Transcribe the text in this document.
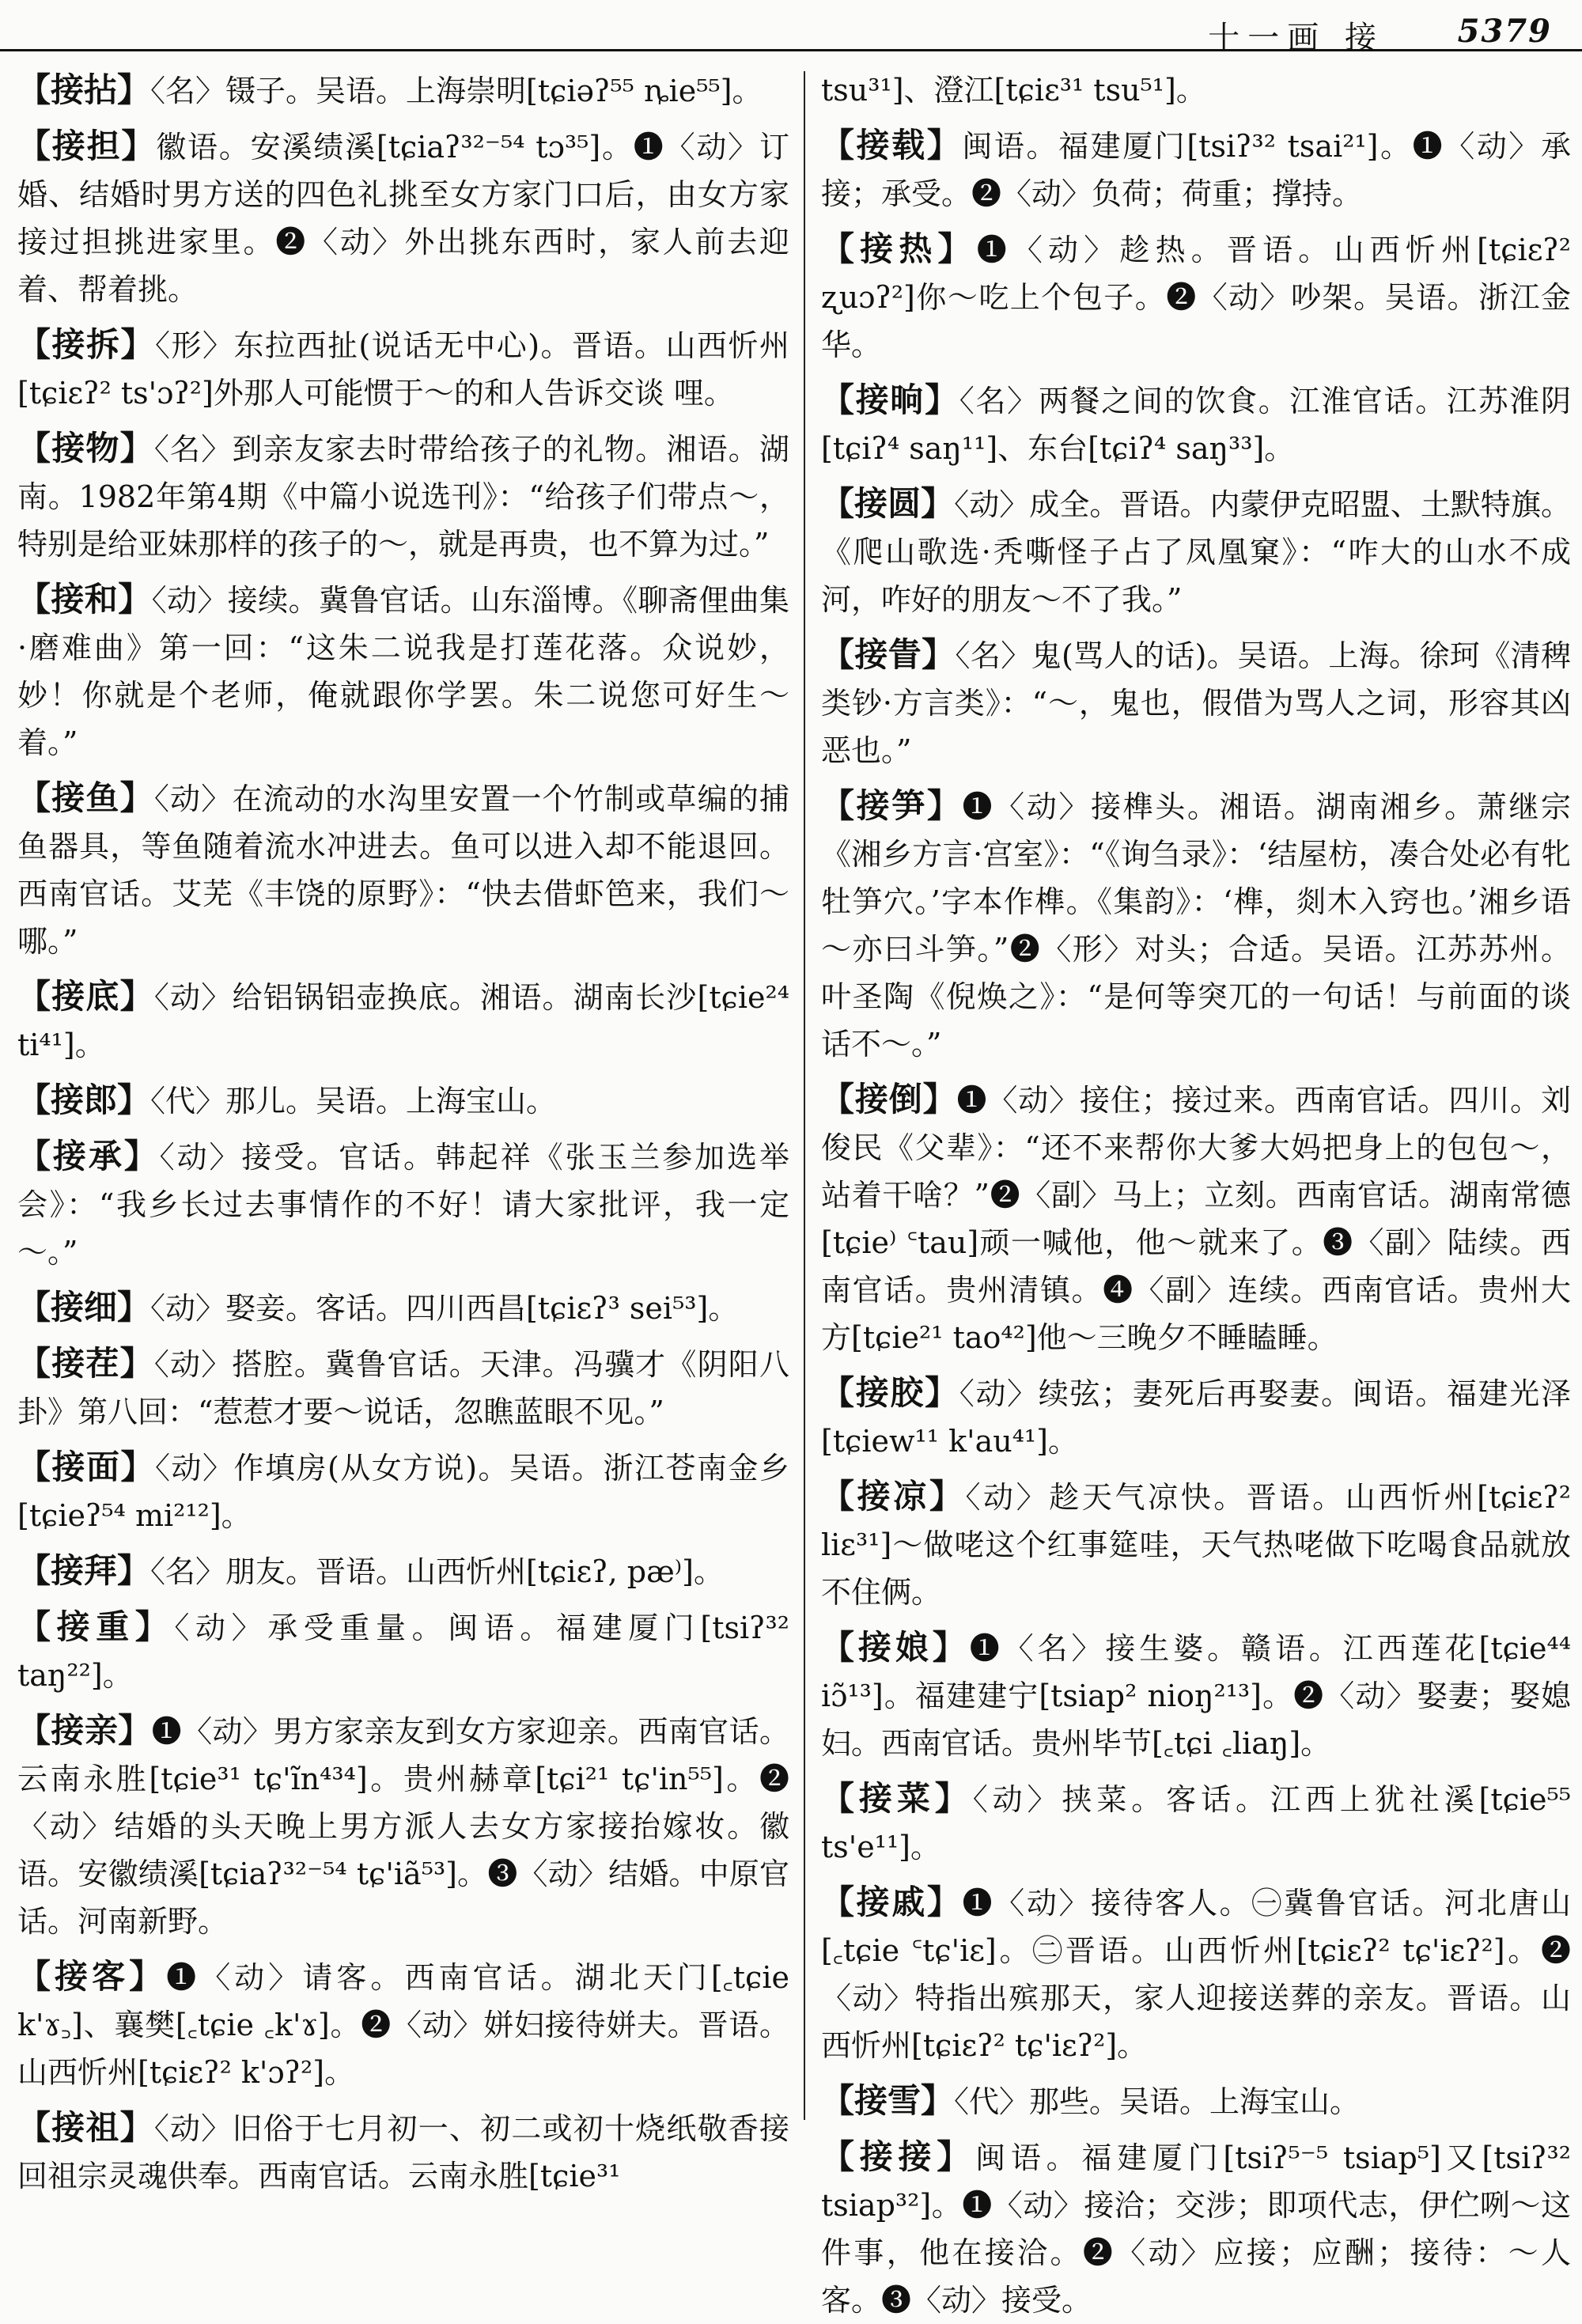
十一画 接 5379

【接拈】〈名〉镊子。吴语。上海崇明[tɕiəʔ⁵⁵ ȵie⁵⁵]。

【接担】徽语。安溪绩溪[tɕiaʔ³²⁻⁵⁴ tɔ³⁵]。❶〈动〉订婚、结婚时男方送的四色礼挑至女方家门口后，由女方家接过担挑进家里。❷〈动〉外出挑东西时，家人前去迎着、帮着挑。

【接拆】〈形〉东拉西扯(说话无中心)。晋语。山西忻州[tɕiɛʔ² ts'ɔʔ²]外那人可能惯于～的和人告诉交谈 哩。

【接物】〈名〉到亲友家去时带给孩子的礼物。湘语。湖南。1982年第4期《中篇小说选刊》：“给孩子们带点～，特别是给亚妹那样的孩子的～，就是再贵，也不算为过。”

【接和】〈动〉接续。冀鲁官话。山东淄博。《聊斋俚曲集·磨难曲》第一回：“这朱二说我是打莲花落。众说妙，妙！你就是个老师，俺就跟你学罢。朱二说您可好生～着。”

【接鱼】〈动〉在流动的水沟里安置一个竹制或草编的捕鱼器具，等鱼随着流水冲进去。鱼可以进入却不能退回。西南官话。艾芜《丰饶的原野》：“快去借虾笆来，我们～哪。”

【接底】〈动〉给铝锅铝壶换底。湘语。湖南长沙[tɕie²⁴ ti⁴¹]。

【接郎】〈代〉那儿。吴语。上海宝山。

【接承】〈动〉接受。官话。韩起祥《张玉兰参加选举会》：“我乡长过去事情作的不好！请大家批评，我一定～。”

【接细】〈动〉娶妾。客话。四川西昌[tɕiɛʔ³ sei⁵³]。

【接茬】〈动〉搭腔。冀鲁官话。天津。冯骥才《阴阳八卦》第八回：“惹惹才要～说话，忽瞧蓝眼不见。”

【接面】〈动〉作填房(从女方说)。吴语。浙江苍南金乡[tɕieʔ⁵⁴ mi²¹²]。

【接拜】〈名〉朋友。晋语。山西忻州[tɕiɛʔ, pæ⁾]。

【接重】〈动〉承受重量。闽语。福建厦门[tsiʔ³² taŋ²²]。

【接亲】❶〈动〉男方家亲友到女方家迎亲。西南官话。云南永胜[tɕie³¹ tɕ'ĩn⁴³⁴]。贵州赫章[tɕi²¹ tɕ'in⁵⁵]。❷〈动〉结婚的头天晚上男方派人去女方家接抬嫁妆。徽语。安徽绩溪[tɕiaʔ³²⁻⁵⁴ tɕ'iã⁵³]。❸〈动〉结婚。中原官话。河南新野。

【接客】❶〈动〉请客。西南官话。湖北天门[꜀tɕie k'ɤ꜆]、襄樊[꜀tɕie ꜀k'ɤ]。❷〈动〉姘妇接待姘夫。晋语。山西忻州[tɕiɛʔ² k'ɔʔ²]。

【接祖】〈动〉旧俗于七月初一、初二或初十烧纸敬香接回祖宗灵魂供奉。西南官话。云南永胜[tɕie³¹

tsu³¹]、澄江[tɕiɛ³¹ tsu⁵¹]。

【接载】闽语。福建厦门[tsiʔ³² tsai²¹]。❶〈动〉承接；承受。❷〈动〉负荷；荷重；撑持。

【接热】❶〈动〉趁热。晋语。山西忻州[tɕiɛʔ² ʐuɔʔ²]你～吃上个包子。❷〈动〉吵架。吴语。浙江金华。

【接晌】〈名〉两餐之间的饮食。江淮官话。江苏淮阴[tɕiʔ⁴ saŋ¹¹]、东台[tɕiʔ⁴ saŋ³³]。

【接圆】〈动〉成全。晋语。内蒙伊克昭盟、土默特旗。《爬山歌选·秃嘶怪子占了凤凰窠》：“咋大的山水不成河，咋好的朋友～不了我。”

【接眚】〈名〉鬼(骂人的话)。吴语。上海。徐珂《清稗类钞·方言类》：“～，鬼也，假借为骂人之词，形容其凶恶也。”

【接笋】❶〈动〉接榫头。湘语。湖南湘乡。萧继宗《湘乡方言·宫室》：“《询刍录》：‘结屋枋，凑合处必有牝牡笋穴。’字本作榫。《集韵》：‘榫，剡木入窍也。’湘乡语～亦曰斗笋。”❷〈形〉对头；合适。吴语。江苏苏州。叶圣陶《倪焕之》：“是何等突兀的一句话！与前面的谈话不～。”

【接倒】❶〈动〉接住；接过来。西南官话。四川。刘俊民《父辈》：“还不来帮你大爹大妈把身上的包包～，站着干啥？”❷〈副〉马上；立刻。西南官话。湖南常德[tɕie⁾ ꜂tau]顽一喊他，他～就来了。❸〈副〉陆续。西南官话。贵州清镇。❹〈副〉连续。西南官话。贵州大方[tɕie²¹ tao⁴²]他～三晚夕不睡瞌睡。

【接胶】〈动〉续弦；妻死后再娶妻。闽语。福建光泽[tɕiew¹¹ k'au⁴¹]。

【接凉】〈动〉趁天气凉快。晋语。山西忻州[tɕiɛʔ² liɛ³¹]～做咾这个红事筵哇，天气热咾做下吃喝食品就放不住俩。

【接娘】❶〈名〉接生婆。赣语。江西莲花[tɕie⁴⁴ iɔ̃¹³]。福建建宁[tsiap² nioŋ²¹³]。❷〈动〉娶妻；娶媳妇。西南官话。贵州毕节[꜀tɕi ꜀liaŋ]。

【接菜】〈动〉挟菜。客话。江西上犹社溪[tɕie⁵⁵ ts'e¹¹]。

【接戚】❶〈动〉接待客人。㊀冀鲁官话。河北唐山[꜀tɕie ꜂tɕ'iɛ]。㊁晋语。山西忻州[tɕiɛʔ² tɕ'iɛʔ²]。❷〈动〉特指出殡那天，家人迎接送葬的亲友。晋语。山西忻州[tɕiɛʔ² tɕ'iɛʔ²]。

【接雪】〈代〉那些。吴语。上海宝山。

【接接】闽语。福建厦门[tsiʔ⁵⁻⁵ tsiap⁵]又[tsiʔ³² tsiap³²]。❶〈动〉接洽；交涉；即项代志，伊伫咧～这件事，他在接洽。❷〈动〉应接；应酬；接待：～人客。❸〈动〉接受。
